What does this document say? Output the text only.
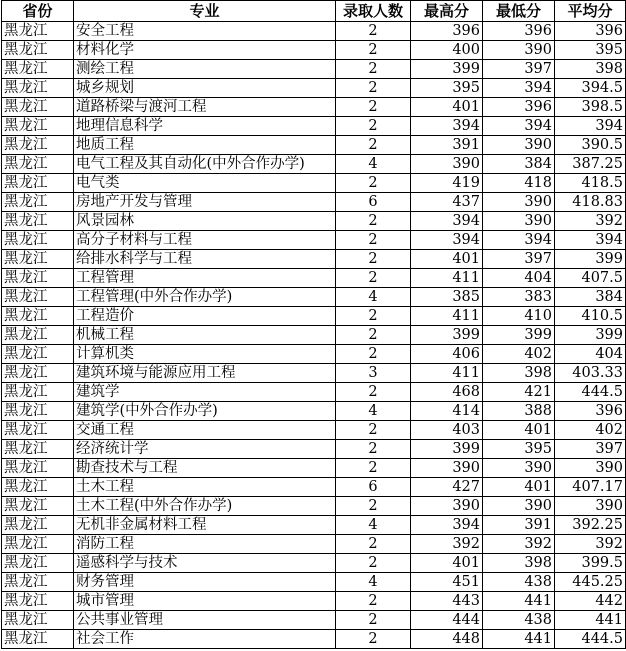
省份	专业	录取人数	最高分	最低分	平均分
黑龙江	安全工程	2	396	396	396
黑龙江	材料化学	2	400	390	395
黑龙江	测绘工程	2	399	397	398
黑龙江	城乡规划	2	395	394	394.5
黑龙江	道路桥梁与渡河工程	2	401	396	398.5
黑龙江	地理信息科学	2	394	394	394
黑龙江	地质工程	2	391	390	390.5
黑龙江	电气工程及其自动化(中外合作办学)	4	390	384	387.25
黑龙江	电气类	2	419	418	418.5
黑龙江	房地产开发与管理	6	437	390	418.83
黑龙江	风景园林	2	394	390	392
黑龙江	高分子材料与工程	2	394	394	394
黑龙江	给排水科学与工程	2	401	397	399
黑龙江	工程管理	2	411	404	407.5
黑龙江	工程管理(中外合作办学)	4	385	383	384
黑龙江	工程造价	2	411	410	410.5
黑龙江	机械工程	2	399	399	399
黑龙江	计算机类	2	406	402	404
黑龙江	建筑环境与能源应用工程	3	411	398	403.33
黑龙江	建筑学	2	468	421	444.5
黑龙江	建筑学(中外合作办学)	4	414	388	396
黑龙江	交通工程	2	403	401	402
黑龙江	经济统计学	2	399	395	397
黑龙江	勘查技术与工程	2	390	390	390
黑龙江	土木工程	6	427	401	407.17
黑龙江	土木工程(中外合作办学)	2	390	390	390
黑龙江	无机非金属材料工程	4	394	391	392.25
黑龙江	消防工程	2	392	392	392
黑龙江	遥感科学与技术	2	401	398	399.5
黑龙江	财务管理	4	451	438	445.25
黑龙江	城市管理	2	443	441	442
黑龙江	公共事业管理	2	444	438	441
黑龙江	社会工作	2	448	441	444.5
